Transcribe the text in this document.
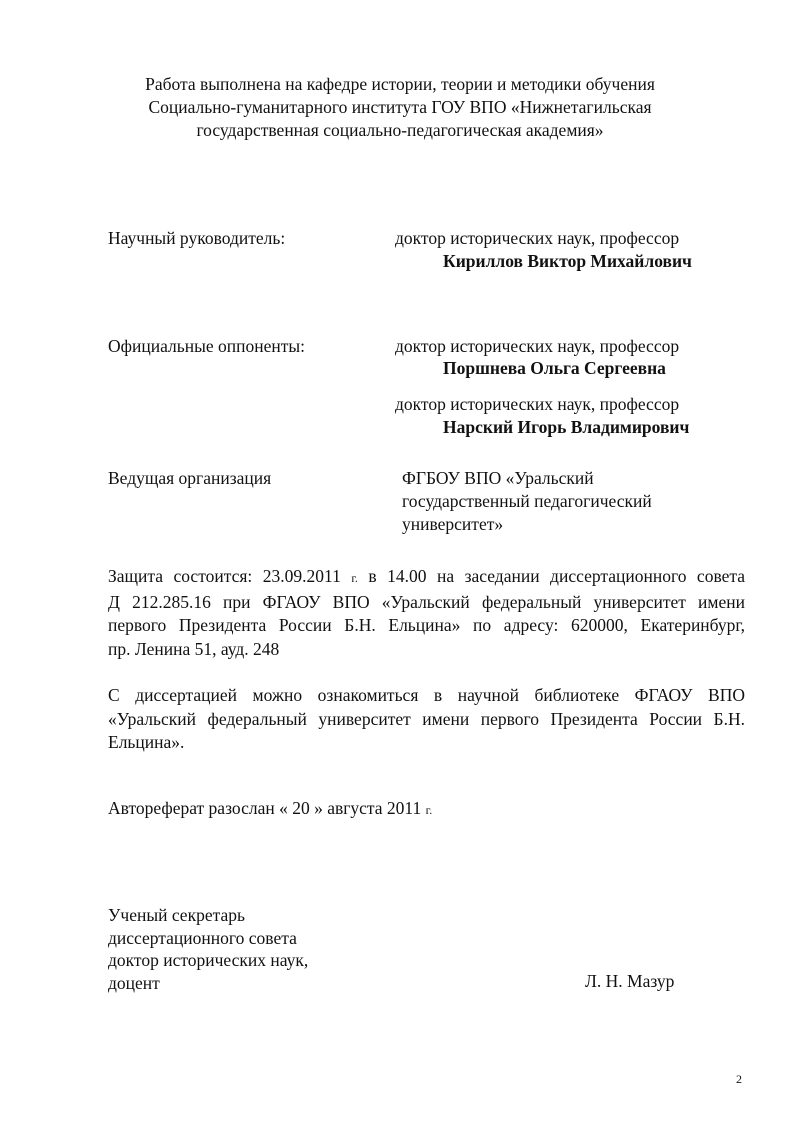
Работа выполнена на кафедре истории, теории и методики обучения
Социально-гуманитарного института ГОУ ВПО «Нижнетагильская
государственная социально-педагогическая академия»
Научный руководитель:	доктор исторических наук, профессор
Кириллов Виктор Михайлович
Официальные оппоненты:	доктор исторических наук, профессор
Поршнева Ольга Сергеевна
доктор исторических наук, профессор
Нарский Игорь Владимирович
Ведущая организация	ФГБОУ ВПО «Уральский
государственный педагогический
университет»
Защита состоится: 23.09.2011 г. в 14.00 на заседании диссертационного совета
Д 212.285.16 при ФГАОУ ВПО «Уральский федеральный университет имени
первого Президента России Б.Н. Ельцина» по адресу: 620000, Екатеринбург,
пр. Ленина 51, ауд. 248
С диссертацией можно ознакомиться в научной библиотеке ФГАОУ ВПО
«Уральский федеральный университет имени первого Президента России Б.Н.
Ельцина».
Автореферат разослан « 20 » августа 2011 г.
Ученый секретарь
диссертационного совета
доктор исторических наук,
доцент	Л. Н. Мазур
2
